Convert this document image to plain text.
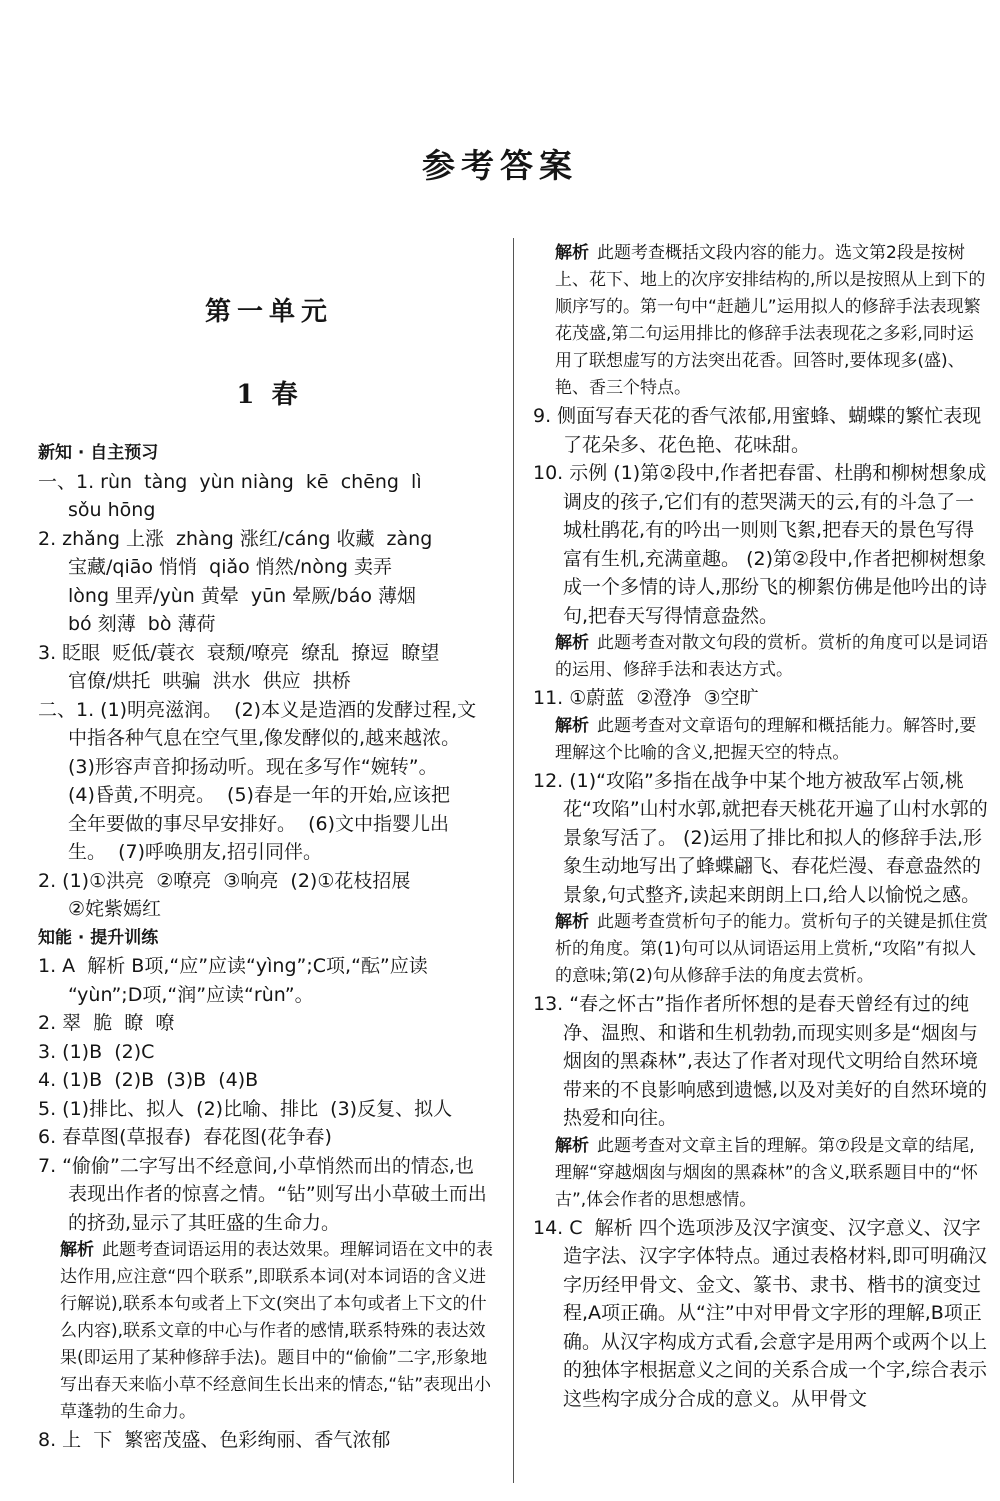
参考答案
第一单元
1 春
新知 · 自主预习

一、1. rùn  tàng  yùn niàng  kē  chēng  lì

sǒu hōng

2. zhǎng 上涨  zhàng 涨红/cáng 收藏  zàng

宝藏/qiāo 悄悄  qiǎo 悄然/nòng 卖弄

lòng 里弄/yùn 黄晕  yūn 晕厥/báo 薄烟

bó 刻薄  bò 薄荷

3. 眨眼  贬低/蓑衣  衰颓/嘹亮  缭乱  撩逗  瞭望

官僚/烘托  哄骗  洪水  供应  拱桥

二、1. (1)明亮滋润。  (2)本义是造酒的发酵过程,文

中指各种气息在空气里,像发酵似的,越来越浓。

(3)形容声音抑扬动听。现在多写作“婉转”。

(4)昏黄,不明亮。  (5)春是一年的开始,应该把

全年要做的事尽早安排好。  (6)文中指婴儿出

生。  (7)呼唤朋友,招引同伴。

2. (1)①洪亮  ②嘹亮  ③响亮  (2)①花枝招展

②姹紫嫣红

知能 · 提升训练

1. A  解析 B项,“应”应读“yìng”;C项,“酝”应读

“yùn”;D项,“润”应读“rùn”。

2. 翠  脆  瞭  嘹

3. (1)B  (2)C

4. (1)B  (2)B  (3)B  (4)B

5. (1)排比、拟人  (2)比喻、排比  (3)反复、拟人

6. 春草图(草报春)  春花图(花争春)

7. “偷偷”二字写出不经意间,小草悄然而出的情态,也

表现出作者的惊喜之情。“钻”则写出小草破土而出

的挤劲,显示了其旺盛的生命力。

解析 此题考查词语运用的表达效果。理解词语在文中的表达作用,应注意“四个联系”,即联系本词(对本词语的含义进行解说),联系本句或者上下文(突出了本句或者上下文的什么内容),联系文章的中心与作者的感情,联系特殊的表达效果(即运用了某种修辞手法)。题目中的“偷偷”二字,形象地写出春天来临小草不经意间生长出来的情态,“钻”表现出小草蓬勃的生命力。

8. 上  下  繁密茂盛、色彩绚丽、香气浓郁

解析 此题考查概括文段内容的能力。选文第2段是按树上、花下、地上的次序安排结构的,所以是按照从上到下的顺序写的。第一句中“赶趟儿”运用拟人的修辞手法表现繁花茂盛,第二句运用排比的修辞手法表现花之多彩,同时运用了联想虚写的方法突出花香。回答时,要体现多(盛)、艳、香三个特点。

9. 侧面写春天花的香气浓郁,用蜜蜂、蝴蝶的繁忙表现了花朵多、花色艳、花味甜。

10. 示例 (1)第②段中,作者把春雷、杜鹃和柳树想象成调皮的孩子,它们有的惹哭满天的云,有的斗急了一城杜鹃花,有的吟出一则则飞絮,把春天的景色写得富有生机,充满童趣。 (2)第②段中,作者把柳树想象成一个多情的诗人,那纷飞的柳絮仿佛是他吟出的诗句,把春天写得情意盎然。

解析 此题考查对散文句段的赏析。赏析的角度可以是词语的运用、修辞手法和表达方式。

11. ①蔚蓝  ②澄净  ③空旷

解析 此题考查对文章语句的理解和概括能力。解答时,要理解这个比喻的含义,把握天空的特点。

12. (1)“攻陷”多指在战争中某个地方被敌军占领,桃花“攻陷”山村水郭,就把春天桃花开遍了山村水郭的景象写活了。 (2)运用了排比和拟人的修辞手法,形象生动地写出了蜂蝶翩飞、春花烂漫、春意盎然的景象,句式整齐,读起来朗朗上口,给人以愉悦之感。

解析 此题考查赏析句子的能力。赏析句子的关键是抓住赏析的角度。第(1)句可以从词语运用上赏析,“攻陷”有拟人的意味;第(2)句从修辞手法的角度去赏析。

13. “春之怀古”指作者所怀想的是春天曾经有过的纯净、温煦、和谐和生机勃勃,而现实则多是“烟囱与烟囱的黑森林”,表达了作者对现代文明给自然环境带来的不良影响感到遗憾,以及对美好的自然环境的热爱和向往。

解析 此题考查对文章主旨的理解。第⑦段是文章的结尾,理解“穿越烟囱与烟囱的黑森林”的含义,联系题目中的“怀古”,体会作者的思想感情。

14. C  解析 四个选项涉及汉字演变、汉字意义、汉字造字法、汉字字体特点。通过表格材料,即可明确汉字历经甲骨文、金文、篆书、隶书、楷书的演变过程,A项正确。从“注”中对甲骨文字形的理解,B项正确。从汉字构成方式看,会意字是用两个或两个以上的独体字根据意义之间的关系合成一个字,综合表示这些构字成分合成的意义。从甲骨文
